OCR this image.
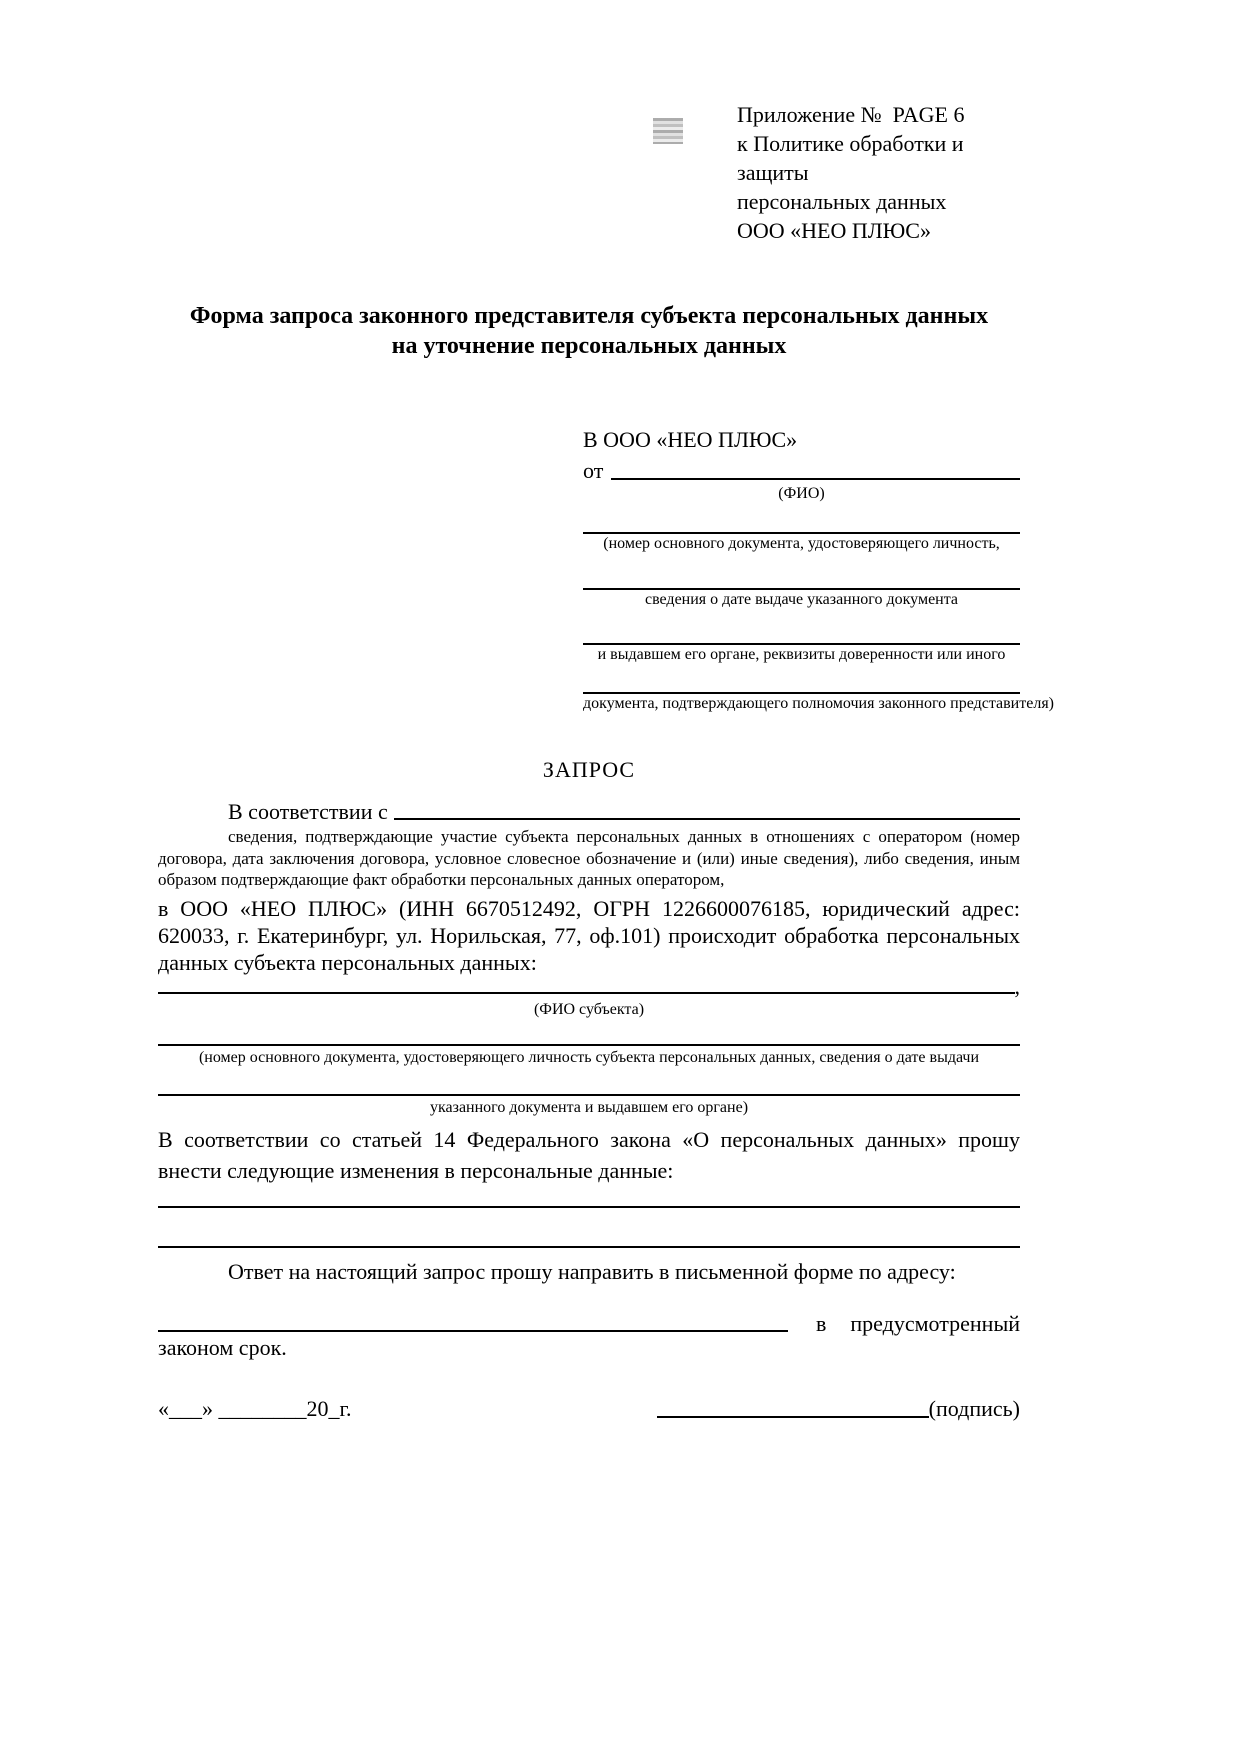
Приложение №  PAGE 6
к Политике обработки и защиты
персональных данных
ООО «НЕО ПЛЮС»
Форма запроса законного представителя субъекта персональных данных
на уточнение персональных данных
В ООО «НЕО ПЛЮС»
от
(ФИО)
(номер основного документа, удостоверяющего личность,
сведения о дате выдаче указанного документа
и выдавшем его органе, реквизиты доверенности или иного
документа, подтверждающего полномочия законного представителя)
ЗАПРОС
В соответствии с

сведения, подтверждающие участие субъекта персональных данных в отношениях с оператором (номер договора, дата заключения договора, условное словесное обозначение и (или) иные сведения), либо сведения, иным образом подтверждающие факт обработки персональных данных оператором,

в ООО «НЕО ПЛЮС» (ИНН 6670512492, ОГРН 1226600076185, юридический адрес: 620033, г. Екатеринбург, ул. Норильская, 77, оф.101) происходит обработка персональных данных субъекта персональных данных:

,
(ФИО субъекта)
(номер основного документа, удостоверяющего личность субъекта персональных данных, сведения о дате выдачи
указанного документа и выдавшем его органе)

В соответствии со статьей 14 Федерального закона «О персональных данных» прошу внести следующие изменения в персональные данные:

Ответ на настоящий запрос прошу направить в письменной форме по адресу:

в предусмотренный
законом срок.
«___» ________20_г.	(подпись)
